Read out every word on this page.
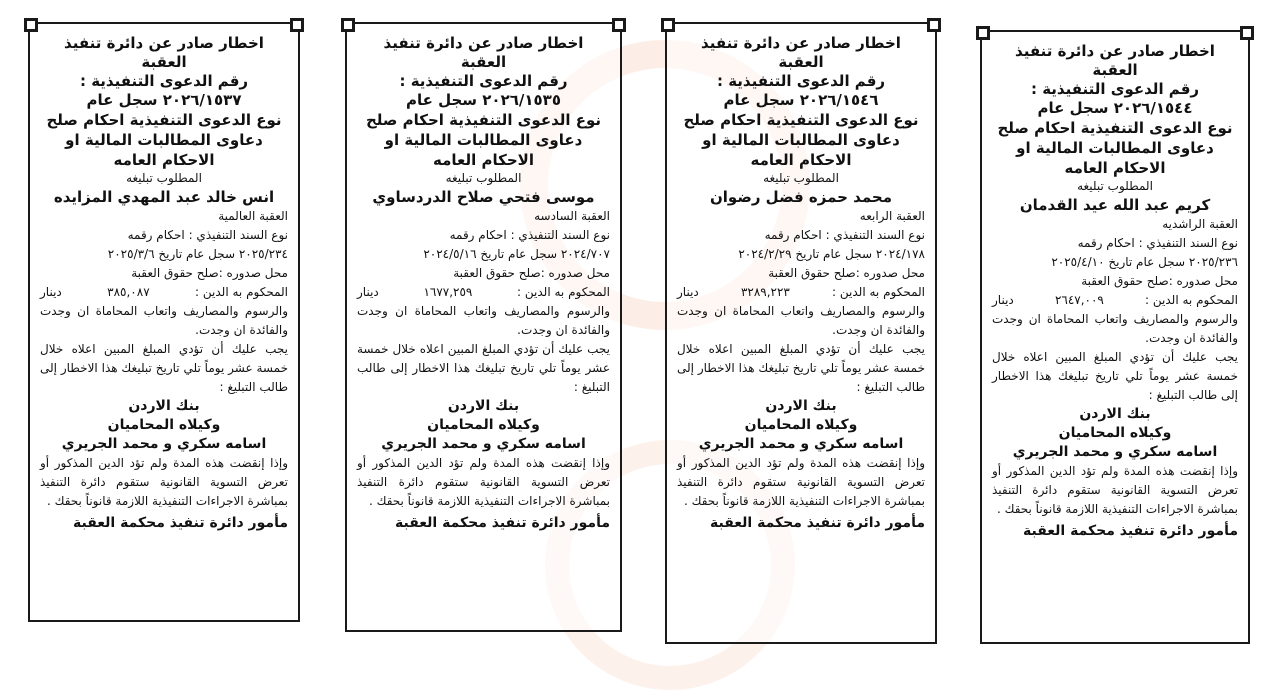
اخطار صادر عن دائرة تنفيذ العقبة
رقم الدعوى التنفيذية :
٢٠٢٦/١٥٤٤ سجل عام
نوع الدعوى التنفيذية احكام صلح دعاوى المطالبات المالية او الاحكام العامه
المطلوب تبليغه
كريم عبد الله عيد القدمان
العقبة الراشديه
نوع السند التنفيذي : احكام رقمه
٢٠٢٥/٢٣٦ سجل عام تاريخ ٢٠٢٥/٤/١٠
محل صدوره :صلح حقوق العقبة
المحكوم به الدين :
٢٦٤٧,٠٠٩
دينار
والرسوم والمصاريف واتعاب المحاماة ان وجدت والفائدة ان وجدت.
يجب عليك أن تؤدي المبلغ المبين اعلاه خلال خمسة عشر يوماً تلي تاريخ تبليغك هذا الاخطار إلى طالب التبليغ :
بنك الاردن
وكيلاه المحاميان
اسامه سكري و محمد الجريري
وإذا إنقضت هذه المدة ولم تؤد الدين المذكور أو تعرض التسوية القانونية ستقوم دائرة التنفيذ بمباشرة الاجراءات التنفيذية اللازمة قانوناً بحقك .
مأمور دائرة تنفيذ محكمة العقبة
اخطار صادر عن دائرة تنفيذ العقبة
رقم الدعوى التنفيذية :
٢٠٢٦/١٥٤٦ سجل عام
نوع الدعوى التنفيذية احكام صلح دعاوى المطالبات المالية او الاحكام العامه
المطلوب تبليغه
محمد حمزه فضل رضوان
العقبة الرابعه
نوع السند التنفيذي : احكام رقمه
٢٠٢٤/١٧٨ سجل عام تاريخ ٢٠٢٤/٢/٢٩
محل صدوره :صلح حقوق العقبة
المحكوم به الدين :
٣٢٨٩,٢٢٣
دينار
والرسوم والمصاريف واتعاب المحاماة ان وجدت والفائدة ان وجدت.
يجب عليك أن تؤدي المبلغ المبين اعلاه خلال خمسة عشر يوماً تلي تاريخ تبليغك هذا الاخطار إلى طالب التبليغ :
بنك الاردن
وكيلاه المحاميان
اسامه سكري و محمد الجريري
وإذا إنقضت هذه المدة ولم تؤد الدين المذكور أو تعرض التسوية القانونية ستقوم دائرة التنفيذ بمباشرة الاجراءات التنفيذية اللازمة قانوناً بحقك .
مأمور دائرة تنفيذ محكمة العقبة
اخطار صادر عن دائرة تنفيذ العقبة
رقم الدعوى التنفيذية :
٢٠٢٦/١٥٣٥ سجل عام
نوع الدعوى التنفيذية احكام صلح دعاوى المطالبات المالية او الاحكام العامه
المطلوب تبليغه
موسى فتحي صلاح الدردساوي
العقبة السادسه
نوع السند التنفيذي : احكام رقمه
٢٠٢٤/٧٠٧ سجل عام تاريخ ٢٠٢٤/٥/١٦
محل صدوره :صلح حقوق العقبة
المحكوم به الدين :
١٦٧٧,٢٥٩
دينار
والرسوم والمصاريف واتعاب المحاماة ان وجدت والفائدة ان وجدت.
يجب عليك أن تؤدي المبلغ المبين اعلاه خلال خمسة عشر يوماً تلي تاريخ تبليغك هذا الاخطار إلى طالب التبليغ :
بنك الاردن
وكيلاه المحاميان
اسامه سكري و محمد الجريري
وإذا إنقضت هذه المدة ولم تؤد الدين المذكور أو تعرض التسوية القانونية ستقوم دائرة التنفيذ بمباشرة الاجراءات التنفيذية اللازمة قانوناً بحقك .
مأمور دائرة تنفيذ محكمة العقبة
اخطار صادر عن دائرة تنفيذ العقبة
رقم الدعوى التنفيذية :
٢٠٢٦/١٥٣٧ سجل عام
نوع الدعوى التنفيذية احكام صلح دعاوى المطالبات المالية او الاحكام العامه
المطلوب تبليغه
انس خالد عبد المهدي المزايده
العقبة العالمية
نوع السند التنفيذي : احكام رقمه
٢٠٢٥/٢٣٤ سجل عام تاريخ ٢٠٢٥/٣/٦
محل صدوره :صلح حقوق العقبة
المحكوم به الدين :
٣٨٥,٠٨٧
دينار
والرسوم والمصاريف واتعاب المحاماة ان وجدت والفائدة ان وجدت.
يجب عليك أن تؤدي المبلغ المبين اعلاه خلال خمسة عشر يوماً تلي تاريخ تبليغك هذا الاخطار إلى طالب التبليغ :
بنك الاردن
وكيلاه المحاميان
اسامه سكري و محمد الجريري
وإذا إنقضت هذه المدة ولم تؤد الدين المذكور أو تعرض التسوية القانونية ستقوم دائرة التنفيذ بمباشرة الاجراءات التنفيذية اللازمة قانوناً بحقك .
مأمور دائرة تنفيذ محكمة العقبة
